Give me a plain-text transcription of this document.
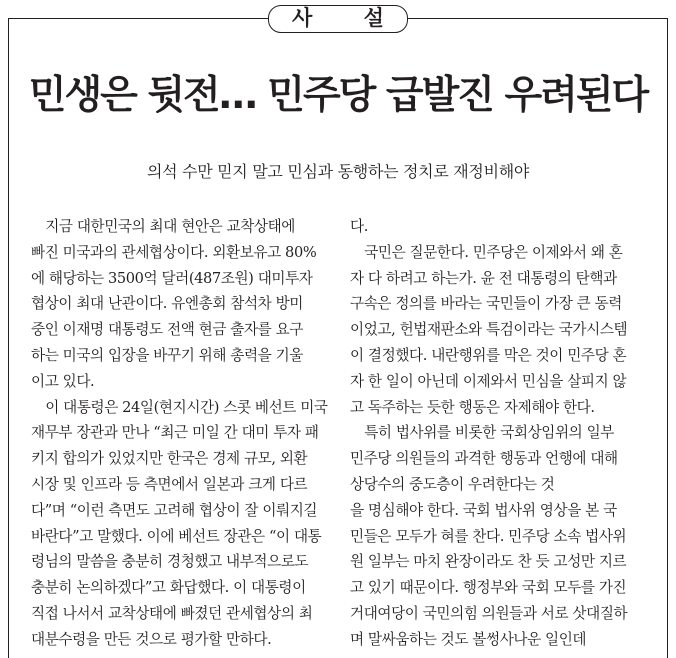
사 설
민생은 뒷전… 민주당 급발진 우려된다
의석 수만 믿지 말고 민심과 동행하는 정치로 재정비해야
　지금 대한민국의 최대 현안은 교착상태에
빠진 미국과의 관세협상이다. 외환보유고 80%
에 해당하는 3500억 달러(487조원) 대미투자
협상이 최대 난관이다. 유엔총회 참석차 방미
중인 이재명 대통령도 전액 현금 출자를 요구
하는 미국의 입장을 바꾸기 위해 총력을 기울
이고 있다.
　이 대통령은 24일(현지시간) 스콧 베선트 미국
재무부 장관과 만나 “최근 미일 간 대미 투자 패
키지 합의가 있었지만 한국은 경제 규모, 외환
시장 및 인프라 등 측면에서 일본과 크게 다르
다”며 “이런 측면도 고려해 협상이 잘 이뤄지길
바란다”고 말했다. 이에 베선트 장관은 “이 대통
령님의 말씀을 충분히 경청했고 내부적으로도
충분히 논의하겠다”고 화답했다. 이 대통령이
직접 나서서 교착상태에 빠졌던 관세협상의 최
대분수령을 만든 것으로 평가할 만하다.
다.
　국민은 질문한다. 민주당은 이제와서 왜 혼
자 다 하려고 하는가. 윤 전 대통령의 탄핵과
구속은 정의를 바라는 국민들이 가장 큰 동력
이었고, 헌법재판소와 특검이라는 국가시스템
이 결정했다. 내란행위를 막은 것이 민주당 혼
자 한 일이 아닌데 이제와서 민심을 살피지 않
고 독주하는 듯한 행동은 자제해야 한다.
　특히 법사위를 비롯한 국회상임위의 일부
민주당 의원들의 과격한 행동과 언행에 대해
상당수의 중도층이 우려한다는 것
을 명심해야 한다. 국회 법사위 영상을 본 국
민들은 모두가 혀를 찬다. 민주당 소속 법사위
원 일부는 마치 완장이라도 찬 듯 고성만 지르
고 있기 때문이다. 행정부와 국회 모두를 가진
거대여당이 국민의힘 의원들과 서로 삿대질하
며 말싸움하는 것도 볼썽사나운 일인데
